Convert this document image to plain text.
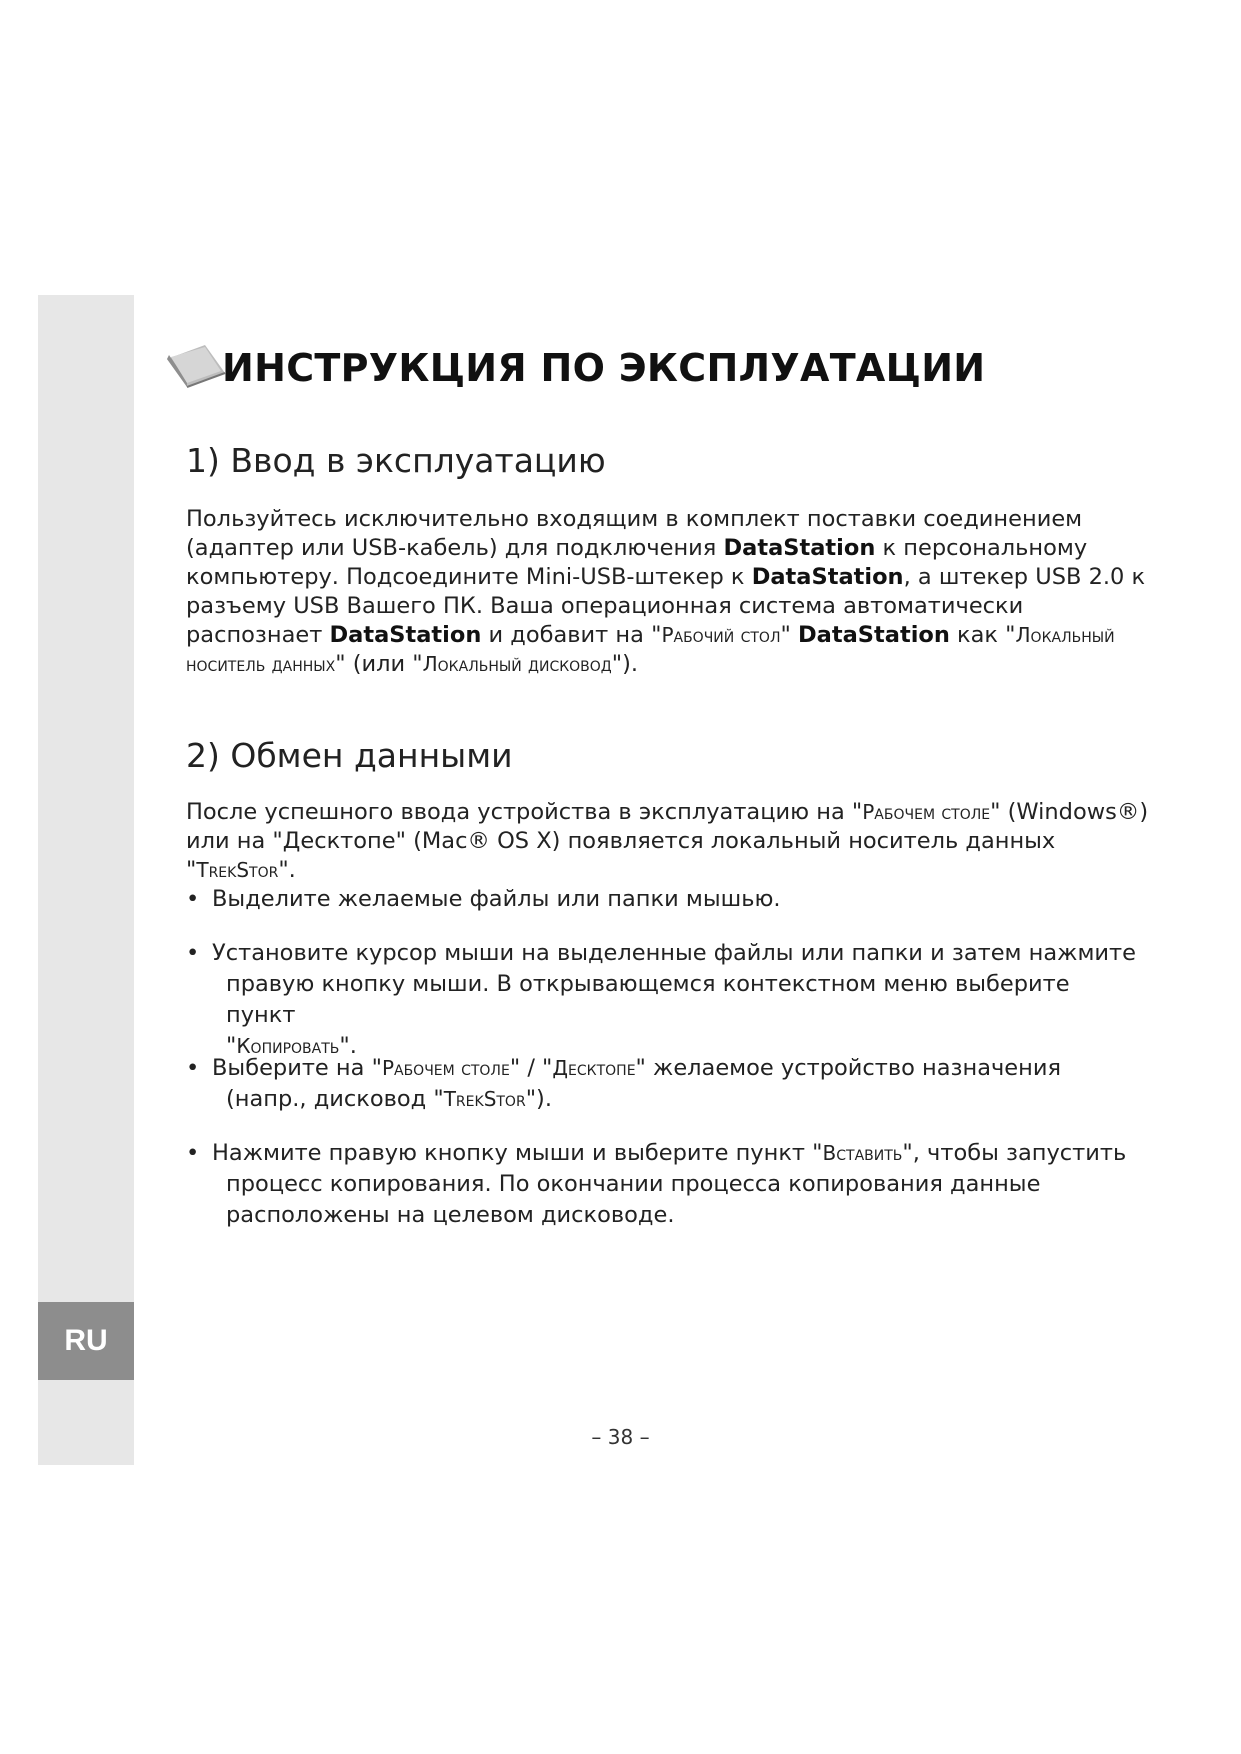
RU
ИНСТРУКЦИЯ ПО ЭКСПЛУАТАЦИИ
1) Ввод в эксплуатацию
Пользуйтесь исключительно входящим в комплект поставки соединением (адаптер или USB-кабель) для подключения DataStation к персональному компьютеру. Подсоедините Mini-USB-штекер к DataStation, а штекер USB 2.0 к разъему USB Вашего ПК. Ваша операционная система автоматически распознает DataStation и добавит на "Рабочий стол" DataStation как "Локальный носитель данных" (или "Локальный дисковод").
2) Обмен данными
После успешного ввода устройства в эксплуатацию на "Рабочем столе" (Windows®) или на "Десктопе" (Mac® OS X) появляется локальный носитель данных "TrekStor".
• Выделите желаемые файлы или папки мышью.
• Установите курсор мыши на выделенные файлы или папки и затем нажмите
правую кнопку мыши. В открывающемся контекстном меню выберите пункт
"Копировать".
• Выберите на "Рабочем столе" / "Десктопе" желаемое устройство назначения
(напр., дисковод "TrekStor").
• Нажмите правую кнопку мыши и выберите пункт "Вставить", чтобы запустить
процесс копирования. По окончании процесса копирования данные
расположены на целевом дисководе.
– 38 –
